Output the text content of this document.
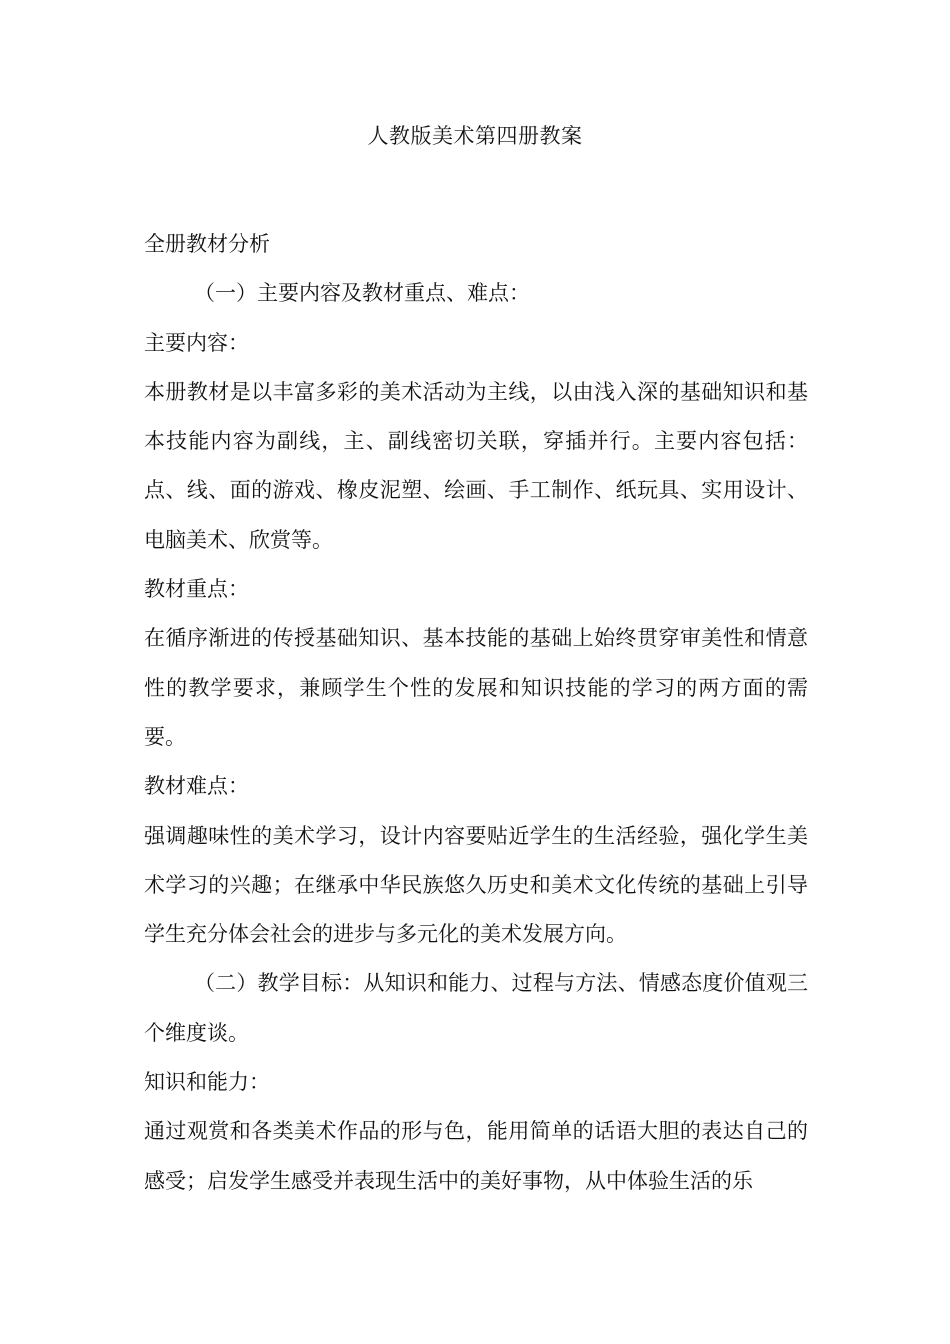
人教版美术第四册教案

全册教材分析

（一）主要内容及教材重点、难点：

主要内容：

本册教材是以丰富多彩的美术活动为主线，以由浅入深的基础知识和基本技能内容为副线，主、副线密切关联，穿插并行。主要内容包括：点、线、面的游戏、橡皮泥塑、绘画、手工制作、纸玩具、实用设计、电脑美术、欣赏等。

教材重点：

在循序渐进的传授基础知识、基本技能的基础上始终贯穿审美性和情意性的教学要求，兼顾学生个性的发展和知识技能的学习的两方面的需要。

教材难点：

强调趣味性的美术学习，设计内容要贴近学生的生活经验，强化学生美术学习的兴趣；在继承中华民族悠久历史和美术文化传统的基础上引导学生充分体会社会的进步与多元化的美术发展方向。

（二）教学目标：从知识和能力、过程与方法、情感态度价值观三个维度谈。

知识和能力：

通过观赏和各类美术作品的形与色，能用简单的话语大胆的表达自己的感受；启发学生感受并表现生活中的美好事物，从中体验生活的乐
